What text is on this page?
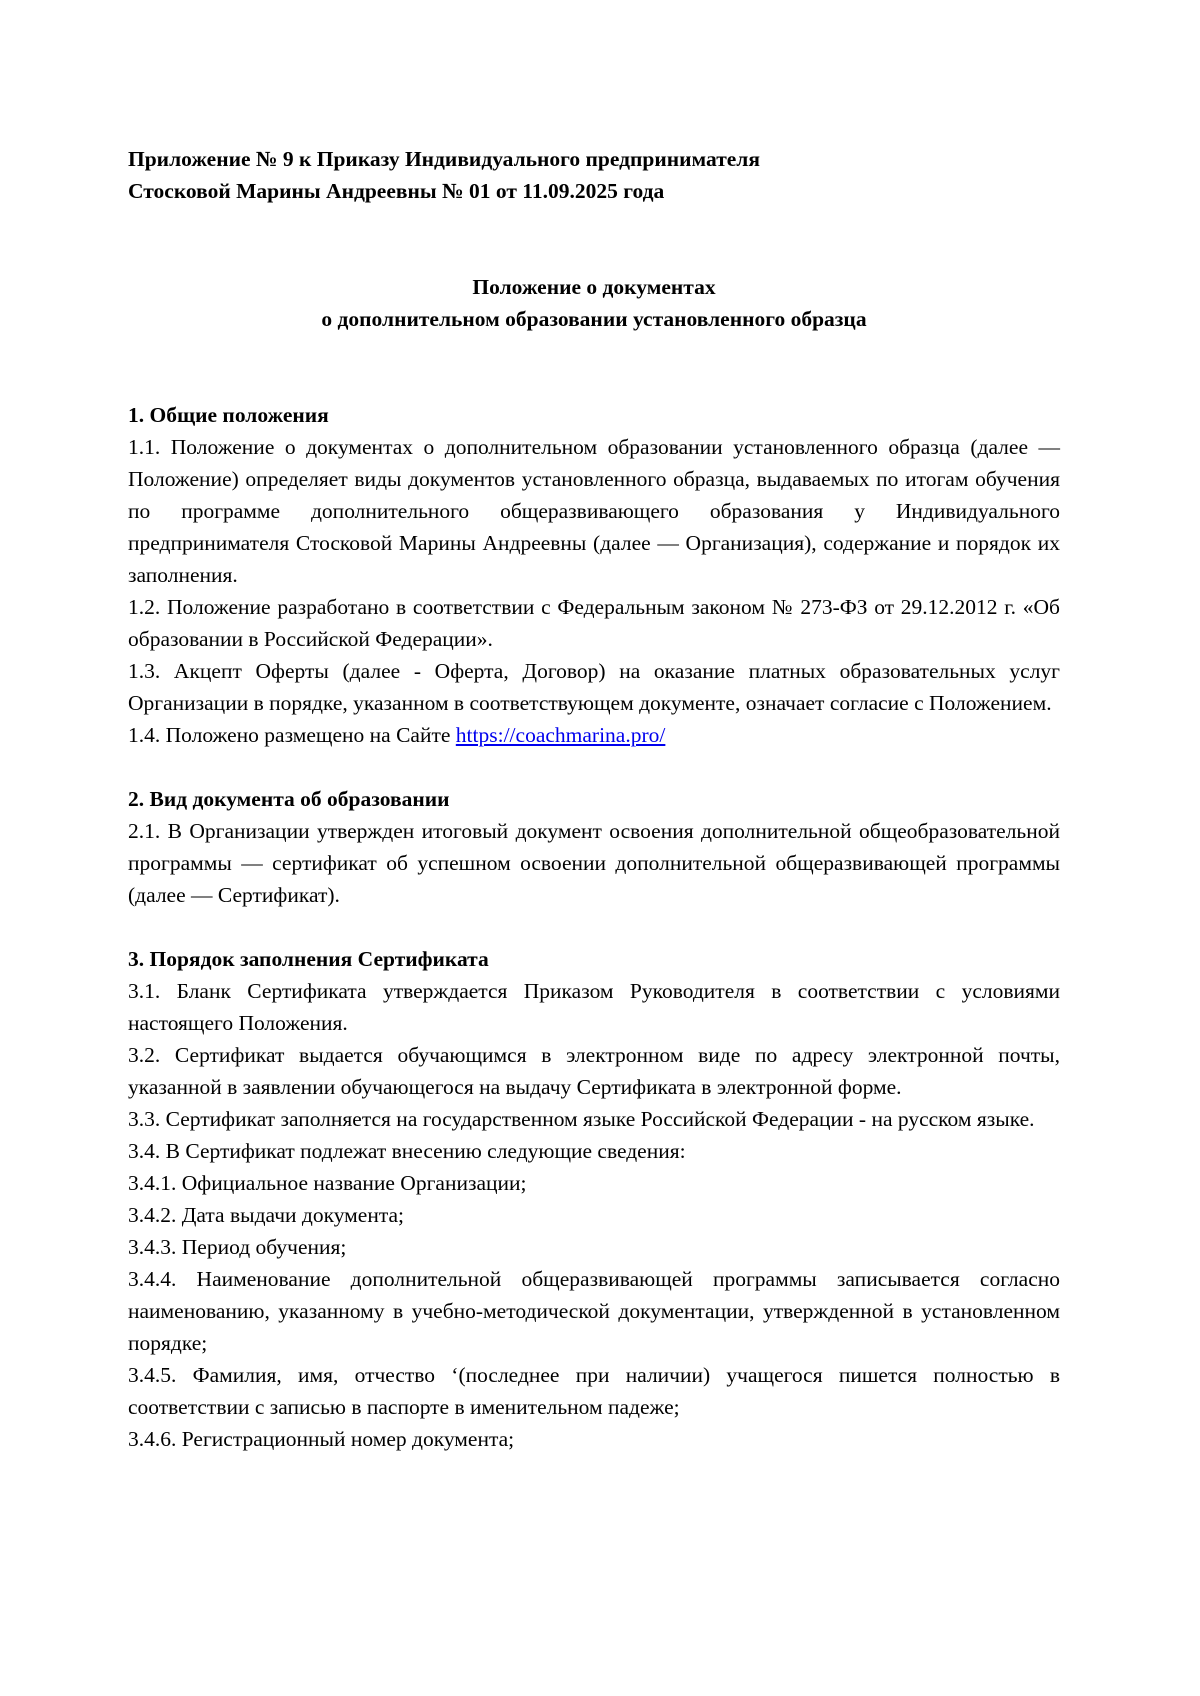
Приложение № 9 к Приказу Индивидуального предпринимателя

Стосковой Марины Андреевны № 01 от 11.09.2025 года

Положение о документах
о дополнительном образовании установленного образца
1. Общие положения

1.1. Положение о документах о дополнительном образовании установленного образца (далее — Положение) определяет виды документов установленного образца, выдаваемых по итогам обучения по программе дополнительного общеразвивающего образования у Индивидуального предпринимателя Стосковой Марины Андреевны (далее — Организация), содержание и порядок их заполнения.

1.2. Положение разработано в соответствии с Федеральным законом № 273-ФЗ от 29.12.2012 г. «Об образовании в Российской Федерации».

1.3. Акцепт Оферты (далее - Оферта, Договор) на оказание платных образовательных услуг Организации в порядке, указанном в соответствующем документе, означает согласие с Положением.

1.4. Положено размещено на Сайте https://coachmarina.pro/

2. Вид документа об образовании

2.1. В Организации утвержден итоговый документ освоения дополнительной общеобразовательной программы — сертификат об успешном освоении дополнительной общеразвивающей программы (далее — Сертификат).

3. Порядок заполнения Сертификата

3.1. Бланк Сертификата утверждается Приказом Руководителя в соответствии с условиями настоящего Положения.

3.2. Сертификат выдается обучающимся в электронном виде по адресу электронной почты, указанной в заявлении обучающегося на выдачу Сертификата в электронной форме.

3.3. Сертификат заполняется на государственном языке Российской Федерации - на русском языке.

3.4. В Сертификат подлежат внесению следующие сведения:

3.4.1. Официальное название Организации;

3.4.2. Дата выдачи документа;

3.4.3. Период обучения;

3.4.4. Наименование дополнительной общеразвивающей программы записывается согласно наименованию, указанному в учебно-методической документации, утвержденной в установленном порядке;

3.4.5. Фамилия, имя, отчество ‘(последнее при наличии) учащегося пишется полностью в соответствии с записью в паспорте в именительном падеже;

3.4.6. Регистрационный номер документа;
